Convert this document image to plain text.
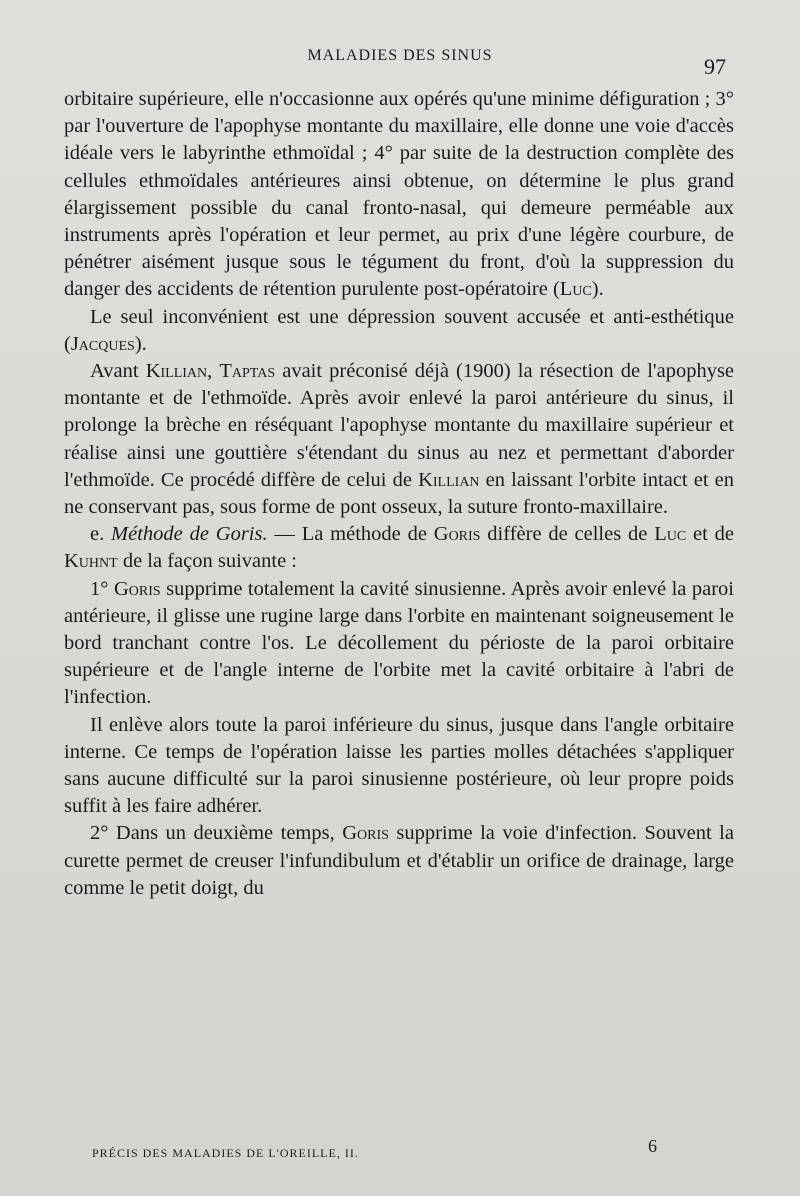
MALADIES DES SINUS	97

orbitaire supérieure, elle n'occasionne aux opérés qu'une minime défiguration ; 3° par l'ouverture de l'apophyse montante du maxillaire, elle donne une voie d'accès idéale vers le labyrinthe ethmoïdal ; 4° par suite de la destruction complète des cellules ethmoïdales antérieures ainsi obtenue, on détermine le plus grand élargissement possible du canal fronto-nasal, qui demeure perméable aux instruments après l'opération et leur permet, au prix d'une légère courbure, de pénétrer aisément jusque sous le tégument du front, d'où la suppression du danger des accidents de rétention purulente post-opératoire (Luc).

Le seul inconvénient est une dépression souvent accusée et anti-esthétique (Jacques).

Avant Killian, Taptas avait préconisé déjà (1900) la résection de l'apophyse montante et de l'ethmoïde. Après avoir enlevé la paroi antérieure du sinus, il prolonge la brèche en réséquant l'apophyse montante du maxillaire supérieur et réalise ainsi une gouttière s'étendant du sinus au nez et permettant d'aborder l'ethmoïde. Ce procédé diffère de celui de Killian en laissant l'orbite intact et en ne conservant pas, sous forme de pont osseux, la suture fronto-maxillaire.

e. Méthode de Goris. — La méthode de Goris diffère de celles de Luc et de Kuhnt de la façon suivante :

1° Goris supprime totalement la cavité sinusienne. Après avoir enlevé la paroi antérieure, il glisse une rugine large dans l'orbite en maintenant soigneusement le bord tranchant contre l'os. Le décollement du périoste de la paroi orbitaire supérieure et de l'angle interne de l'orbite met la cavité orbitaire à l'abri de l'infection.

Il enlève alors toute la paroi inférieure du sinus, jusque dans l'angle orbitaire interne. Ce temps de l'opération laisse les parties molles détachées s'appliquer sans aucune difficulté sur la paroi sinusienne postérieure, où leur propre poids suffit à les faire adhérer.

2° Dans un deuxième temps, Goris supprime la voie d'infection. Souvent la curette permet de creuser l'infundibulum et d'établir un orifice de drainage, large comme le petit doigt, du

PRÉCIS DES MALADIES DE L'OREILLE, II.	6
